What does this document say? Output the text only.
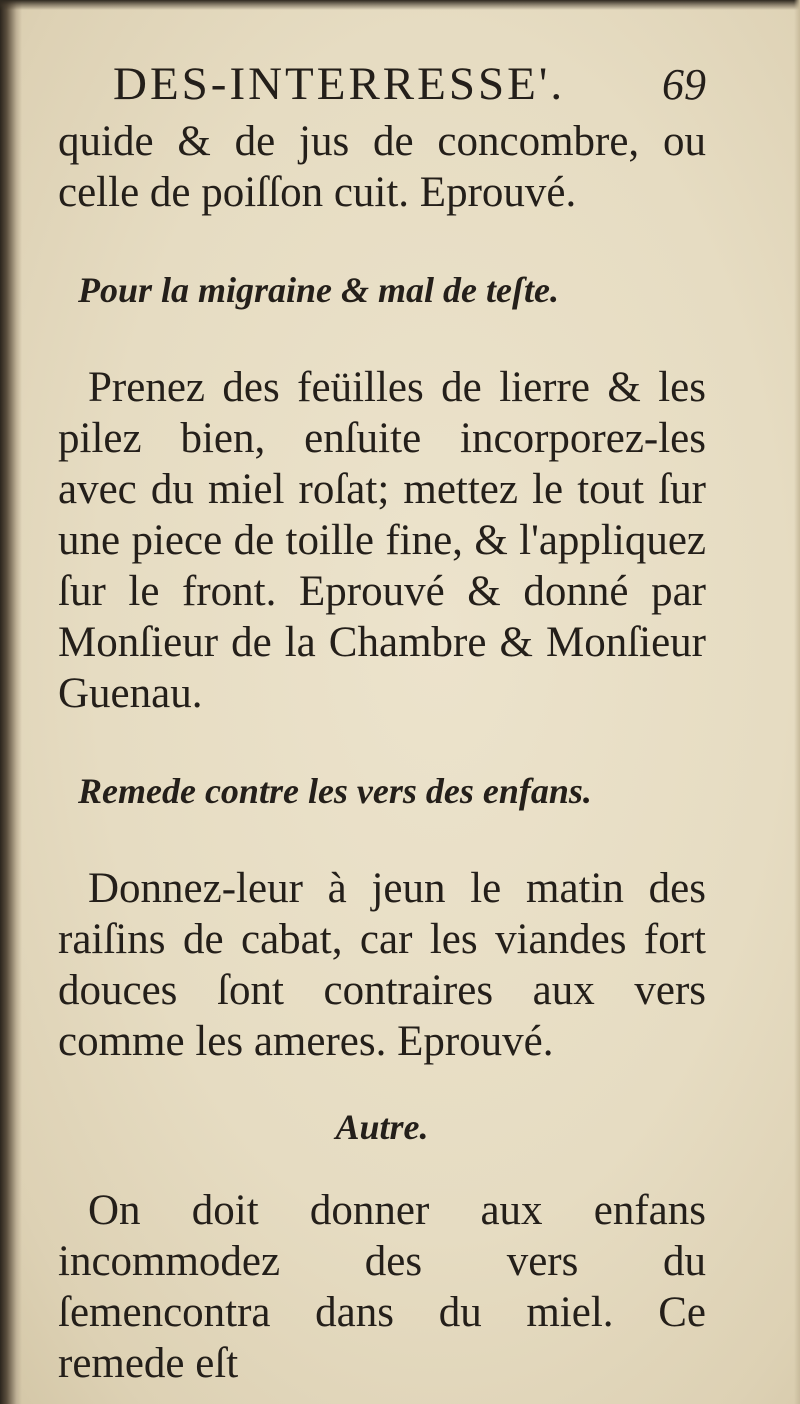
DES-INTERRESSE'. 69

quide & de jus de concombre, ou celle de poiſſon cuit. Eprouvé.

Pour la migraine & mal de teſte.

Prenez des feüilles de lierre & les pilez bien, enſuite incorporez-les avec du miel roſat; mettez le tout ſur une piece de toille fine, & l'appliquez ſur le front. Eprouvé & donné par Monſieur de la Chambre & Monſieur Guenau.

Remede contre les vers des enfans.

Donnez-leur à jeun le matin des raiſins de cabat, car les viandes fort douces ſont contraires aux vers comme les ameres. Eprouvé.

Autre.

On doit donner aux enfans incommodez des vers du ſemencontra dans du miel. Ce remede eſt
